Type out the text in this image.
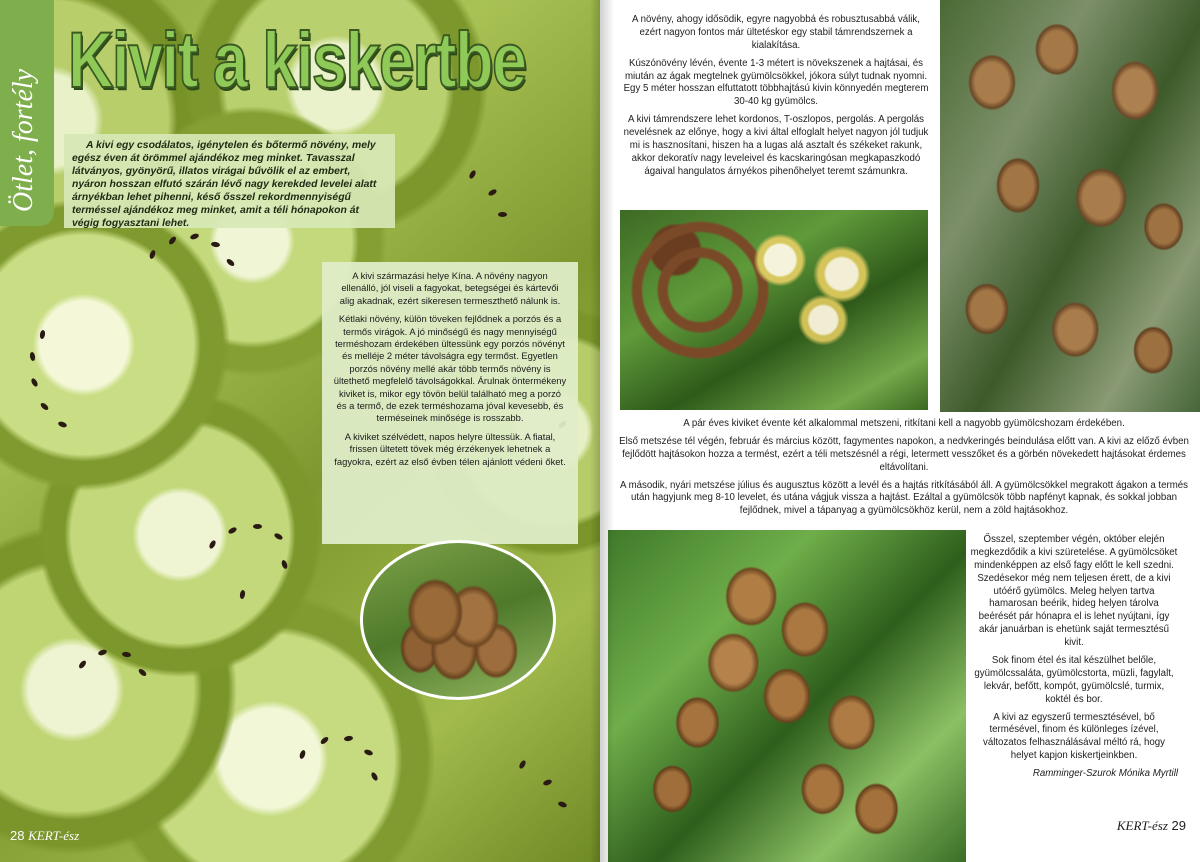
Ötlet, fortély
Kivit a kiskertbe
A kivi egy csodálatos, igénytelen és bőtermő növény, mely egész éven át örömmel ajándékoz meg minket. Tavasszal látványos, gyönyörű, illatos virágai bűvölik el az embert, nyáron hosszan elfutó szárán lévő nagy kerekded levelei alatt árnyékban lehet pihenni, késő ősszel rekordmennyiségű terméssel ajándékoz meg minket, amit a téli hónapokon át végig fogyasztani lehet.

A kivi származási helye Kína. A növény nagyon ellenálló, jól viseli a fagyokat, betegségei és kártevői alig akadnak, ezért sikeresen termeszthető nálunk is.

Kétlaki növény, külön töveken fejlődnek a porzós és a termős virágok. A jó minőségű és nagy mennyiségű terméshozam érdekében ültessünk egy porzós növényt és melléje 2 méter távolságra egy termőst. Egyetlen porzós növény mellé akár több termős növény is ültethető megfelelő távolságokkal. Árulnak öntermékeny kiviket is, mikor egy tövön belül található meg a porzó és a termő, de ezek terméshozama jóval kevesebb, és terméseinek minősége is rosszabb.

A kiviket szélvédett, napos helyre ültessük. A fiatal, frissen ültetett tövek még érzékenyek lehetnek a fagyokra, ezért az első évben télen ajánlott védeni őket.

28 KERT-ész

A növény, ahogy idősödik, egyre nagyobbá és robusztusabbá válik, ezért nagyon fontos már ültetéskor egy stabil támrendszernek a kialakítása.

Kúszónövény lévén, évente 1-3 métert is növekszenek a hajtásai, és miután az ágak megtelnek gyümölcsökkel, jókora súlyt tudnak nyomni. Egy 5 méter hosszan elfuttatott többhajtású kivin könnyedén megterem 30-40 kg gyümölcs.

A kivi támrendszere lehet kordonos, T-oszlopos, pergolás. A pergolás nevelésnek az előnye, hogy a kivi által elfoglalt helyet nagyon jól tudjuk mi is hasznosítani, hiszen ha a lugas alá asztalt és székeket rakunk, akkor dekoratív nagy leveleivel és kacskaringósan megkapaszkodó ágaival hangulatos árnyékos pihenőhelyet teremt számunkra.

A pár éves kiviket évente két alkalommal metszeni, ritkítani kell a nagyobb gyümölcshozam érdekében.

Első metszése tél végén, február és március között, fagymentes napokon, a nedvkeringés beindulása előtt van. A kivi az előző évben fejlődött hajtásokon hozza a termést, ezért a téli metszésnél a régi, letermett vesszőket és a görbén növekedett hajtásokat érdemes eltávolítani.

A második, nyári metszése július és augusztus között a levél és a hajtás ritkításából áll. A gyümölcsökkel megrakott ágakon a termés után hagyjunk meg 8-10 levelet, és utána vágjuk vissza a hajtást. Ezáltal a gyümölcsök több napfényt kapnak, és sokkal jobban fejlődnek, mivel a tápanyag a gyümölcsökhöz kerül, nem a zöld hajtásokhoz.

Ősszel, szeptember végén, október elején megkezdődik a kivi szüretelése. A gyümölcsöket mindenképpen az első fagy előtt le kell szedni. Szedésekor még nem teljesen érett, de a kivi utóérő gyümölcs. Meleg helyen tartva hamarosan beérik, hideg helyen tárolva beérését pár hónapra el is lehet nyújtani, így akár januárban is ehetünk saját termesztésű kivit.

Sok finom étel és ital készülhet belőle, gyümölcssaláta, gyümölcstorta, müzli, fagylalt, lekvár, befőtt, kompót, gyümölcslé, turmix, koktél és bor.

A kivi az egyszerű termesztésével, bő termésével, finom és különleges ízével, változatos felhasználásával méltó rá, hogy helyet kapjon kiskertjeinkben.

Ramminger-Szurok Mónika Myrtill

KERT-ész 29
